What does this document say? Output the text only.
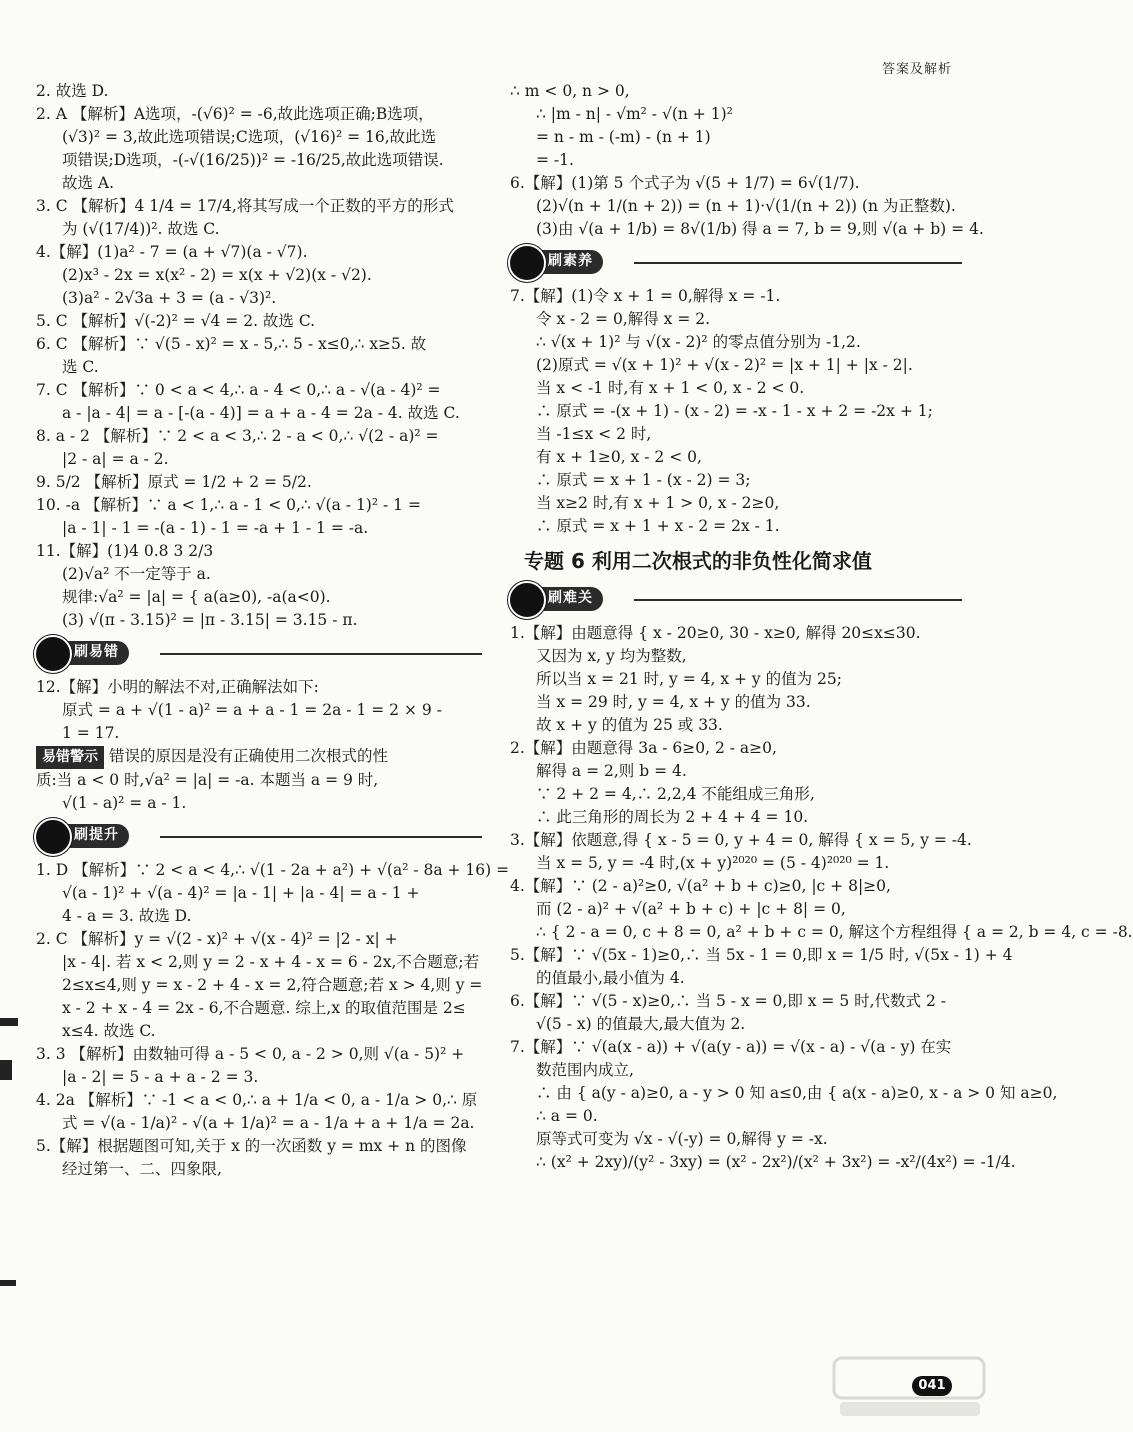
答案及解析
2. 故选 D.
2. A 【解析】A选项，-(√6)² = -6,故此选项正确;B选项，
(√3)² = 3,故此选项错误;C选项，(√16)² = 16,故此选
项错误;D选项，-(-√(16/25))² = -16/25,故此选项错误.
故选 A.
3. C 【解析】4 1/4 = 17/4,将其写成一个正数的平方的形式
为 (√(17/4))². 故选 C.
4.【解】(1)a² - 7 = (a + √7)(a - √7).
(2)x³ - 2x = x(x² - 2) = x(x + √2)(x - √2).
(3)a² - 2√3a + 3 = (a - √3)².
5. C 【解析】√(-2)² = √4 = 2. 故选 C.
6. C 【解析】∵ √(5 - x)² = x - 5,∴ 5 - x≤0,∴ x≥5. 故
选 C.
7. C 【解析】∵ 0 < a < 4,∴ a - 4 < 0,∴ a - √(a - 4)² =
a - |a - 4| = a - [-(a - 4)] = a + a - 4 = 2a - 4. 故选 C.
8. a - 2 【解析】∵ 2 < a < 3,∴ 2 - a < 0,∴ √(2 - a)² =
|2 - a| = a - 2.
9. 5/2 【解析】原式 = 1/2 + 2 = 5/2.
10. -a 【解析】∵ a < 1,∴ a - 1 < 0,∴ √(a - 1)² - 1 =
|a - 1| - 1 = -(a - 1) - 1 = -a + 1 - 1 = -a.
11.【解】(1)4 0.8 3 2/3
(2)√a² 不一定等于 a.
规律:√a² = |a| = { a(a≥0), -a(a<0).
(3) √(π - 3.15)² = |π - 3.15| = 3.15 - π.
刷易错
12.【解】小明的解法不对,正确解法如下:
原式 = a + √(1 - a)² = a + a - 1 = 2a - 1 = 2 × 9 -
1 = 17.
易错警示 错误的原因是没有正确使用二次根式的性
质:当 a < 0 时,√a² = |a| = -a. 本题当 a = 9 时,
√(1 - a)² = a - 1.
刷提升
1. D 【解析】∵ 2 < a < 4,∴ √(1 - 2a + a²) + √(a² - 8a + 16) =
√(a - 1)² + √(a - 4)² = |a - 1| + |a - 4| = a - 1 +
4 - a = 3. 故选 D.
2. C 【解析】y = √(2 - x)² + √(x - 4)² = |2 - x| +
|x - 4|. 若 x < 2,则 y = 2 - x + 4 - x = 6 - 2x,不合题意;若
2≤x≤4,则 y = x - 2 + 4 - x = 2,符合题意;若 x > 4,则 y =
x - 2 + x - 4 = 2x - 6,不合题意. 综上,x 的取值范围是 2≤
x≤4. 故选 C.
3. 3 【解析】由数轴可得 a - 5 < 0, a - 2 > 0,则 √(a - 5)² +
|a - 2| = 5 - a + a - 2 = 3.
4. 2a 【解析】∵ -1 < a < 0,∴ a + 1/a < 0, a - 1/a > 0,∴ 原
式 = √(a - 1/a)² - √(a + 1/a)² = a - 1/a + a + 1/a = 2a.
5.【解】根据题图可知,关于 x 的一次函数 y = mx + n 的图像
经过第一、二、四象限,
∴ m < 0, n > 0,
∴ |m - n| - √m² - √(n + 1)²
= n - m - (-m) - (n + 1)
= -1.
6.【解】(1)第 5 个式子为 √(5 + 1/7) = 6√(1/7).
(2)√(n + 1/(n + 2)) = (n + 1)·√(1/(n + 2)) (n 为正整数).
(3)由 √(a + 1/b) = 8√(1/b) 得 a = 7, b = 9,则 √(a + b) = 4.
刷素养
7.【解】(1)令 x + 1 = 0,解得 x = -1.
令 x - 2 = 0,解得 x = 2.
∴ √(x + 1)² 与 √(x - 2)² 的零点值分别为 -1,2.
(2)原式 = √(x + 1)² + √(x - 2)² = |x + 1| + |x - 2|.
当 x < -1 时,有 x + 1 < 0, x - 2 < 0.
∴ 原式 = -(x + 1) - (x - 2) = -x - 1 - x + 2 = -2x + 1;
当 -1≤x < 2 时,
有 x + 1≥0, x - 2 < 0,
∴ 原式 = x + 1 - (x - 2) = 3;
当 x≥2 时,有 x + 1 > 0, x - 2≥0,
∴ 原式 = x + 1 + x - 2 = 2x - 1.
专题 6 利用二次根式的非负性化简求值
刷难关
1.【解】由题意得 { x - 20≥0, 30 - x≥0, 解得 20≤x≤30.
又因为 x, y 均为整数,
所以当 x = 21 时, y = 4, x + y 的值为 25;
当 x = 29 时, y = 4, x + y 的值为 33.
故 x + y 的值为 25 或 33.
2.【解】由题意得 3a - 6≥0, 2 - a≥0,
解得 a = 2,则 b = 4.
∵ 2 + 2 = 4,∴ 2,2,4 不能组成三角形,
∴ 此三角形的周长为 2 + 4 + 4 = 10.
3.【解】依题意,得 { x - 5 = 0, y + 4 = 0, 解得 { x = 5, y = -4.
当 x = 5, y = -4 时,(x + y)²⁰²⁰ = (5 - 4)²⁰²⁰ = 1.
4.【解】∵ (2 - a)²≥0, √(a² + b + c)≥0, |c + 8|≥0,
而 (2 - a)² + √(a² + b + c) + |c + 8| = 0,
∴ { 2 - a = 0, c + 8 = 0, a² + b + c = 0, 解这个方程组得 { a = 2, b = 4, c = -8.
5.【解】∵ √(5x - 1)≥0,∴ 当 5x - 1 = 0,即 x = 1/5 时, √(5x - 1) + 4
的值最小,最小值为 4.
6.【解】∵ √(5 - x)≥0,∴ 当 5 - x = 0,即 x = 5 时,代数式 2 -
√(5 - x) 的值最大,最大值为 2.
7.【解】∵ √(a(x - a)) + √(a(y - a)) = √(x - a) - √(a - y) 在实
数范围内成立,
∴ 由 { a(y - a)≥0, a - y > 0 知 a≤0,由 { a(x - a)≥0, x - a > 0 知 a≥0,
∴ a = 0.
原等式可变为 √x - √(-y) = 0,解得 y = -x.
∴ (x² + 2xy)/(y² - 3xy) = (x² - 2x²)/(x² + 3x²) = -x²/(4x²) = -1/4.
041
